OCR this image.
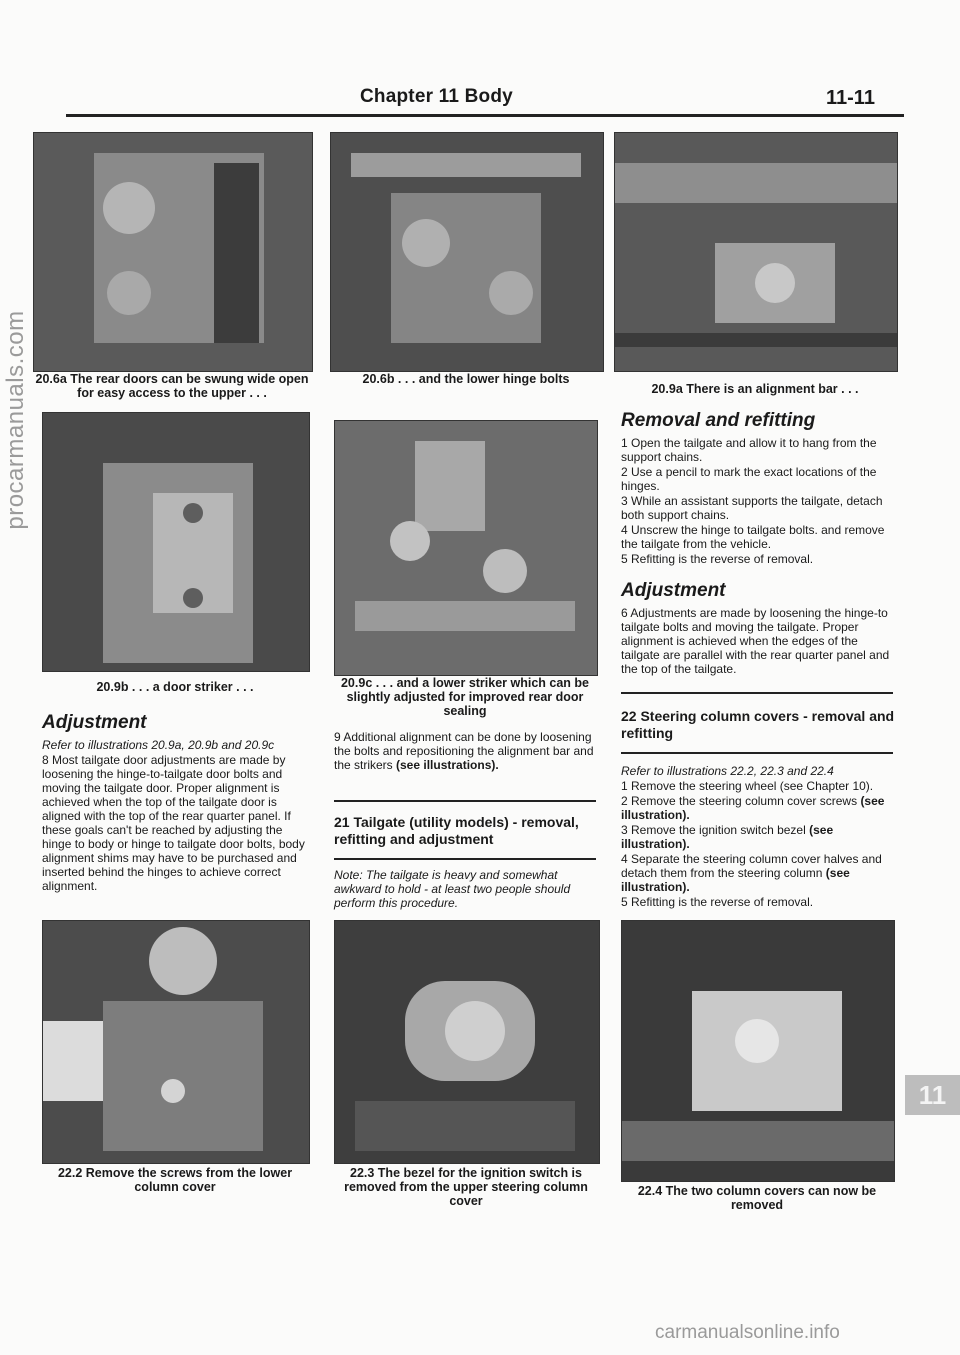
Chapter 11 Body	11-11
20.6a The rear doors can be swung wide open for easy access to the upper . . .
20.6b . . . and the lower hinge bolts
20.9a There is an alignment bar . . .
20.9b . . . a door striker . . .	20.9c . . . and a lower striker which can be slightly adjusted for improved rear door sealing
Adjustment

Refer to illustrations 20.9a, 20.9b and 20.9c

8 Most tailgate door adjustments are made by loosening the hinge-to-tailgate door bolts and moving the tailgate door. Proper alignment is achieved when the top of the tailgate door is aligned with the top of the rear quarter panel. If these goals can't be reached by adjusting the hinge to body or hinge to tailgate door bolts, body alignment shims may have to be purchased and inserted behind the hinges to achieve correct alignment.

9 Additional alignment can be done by loosening the bolts and repositioning the alignment bar and the strikers (see illustrations).

21 Tailgate (utility models) - removal, refitting and adjustment
Note: The tailgate is heavy and somewhat awkward to hold - at least two people should perform this procedure.
Removal and refitting

1 Open the tailgate and allow it to hang from the support chains.

2 Use a pencil to mark the exact locations of the hinges.

3 While an assistant supports the tailgate, detach both support chains.

4 Unscrew the hinge to tailgate bolts. and remove the tailgate from the vehicle.

5 Refitting is the reverse of removal.

Adjustment
6 Adjustments are made by loosening the hinge-to tailgate bolts and moving the tailgate. Proper alignment is achieved when the edges of the tailgate are parallel with the rear quarter panel and the top of the tailgate.
22 Steering column covers - removal and refitting

Refer to illustrations 22.2, 22.3 and 22.4

1 Remove the steering wheel (see Chapter 10).

2 Remove the steering column cover screws (see illustration).

3 Remove the ignition switch bezel (see illustration).

4 Separate the steering column cover halves and detach them from the steering column (see illustration).

5 Refitting is the reverse of removal.

22.2 Remove the screws from the lower column cover
22.3 The bezel for the ignition switch is removed from the upper steering column cover
22.4 The two column covers can now be removed
11
procarmanuals.com
carmanualsonline.info
